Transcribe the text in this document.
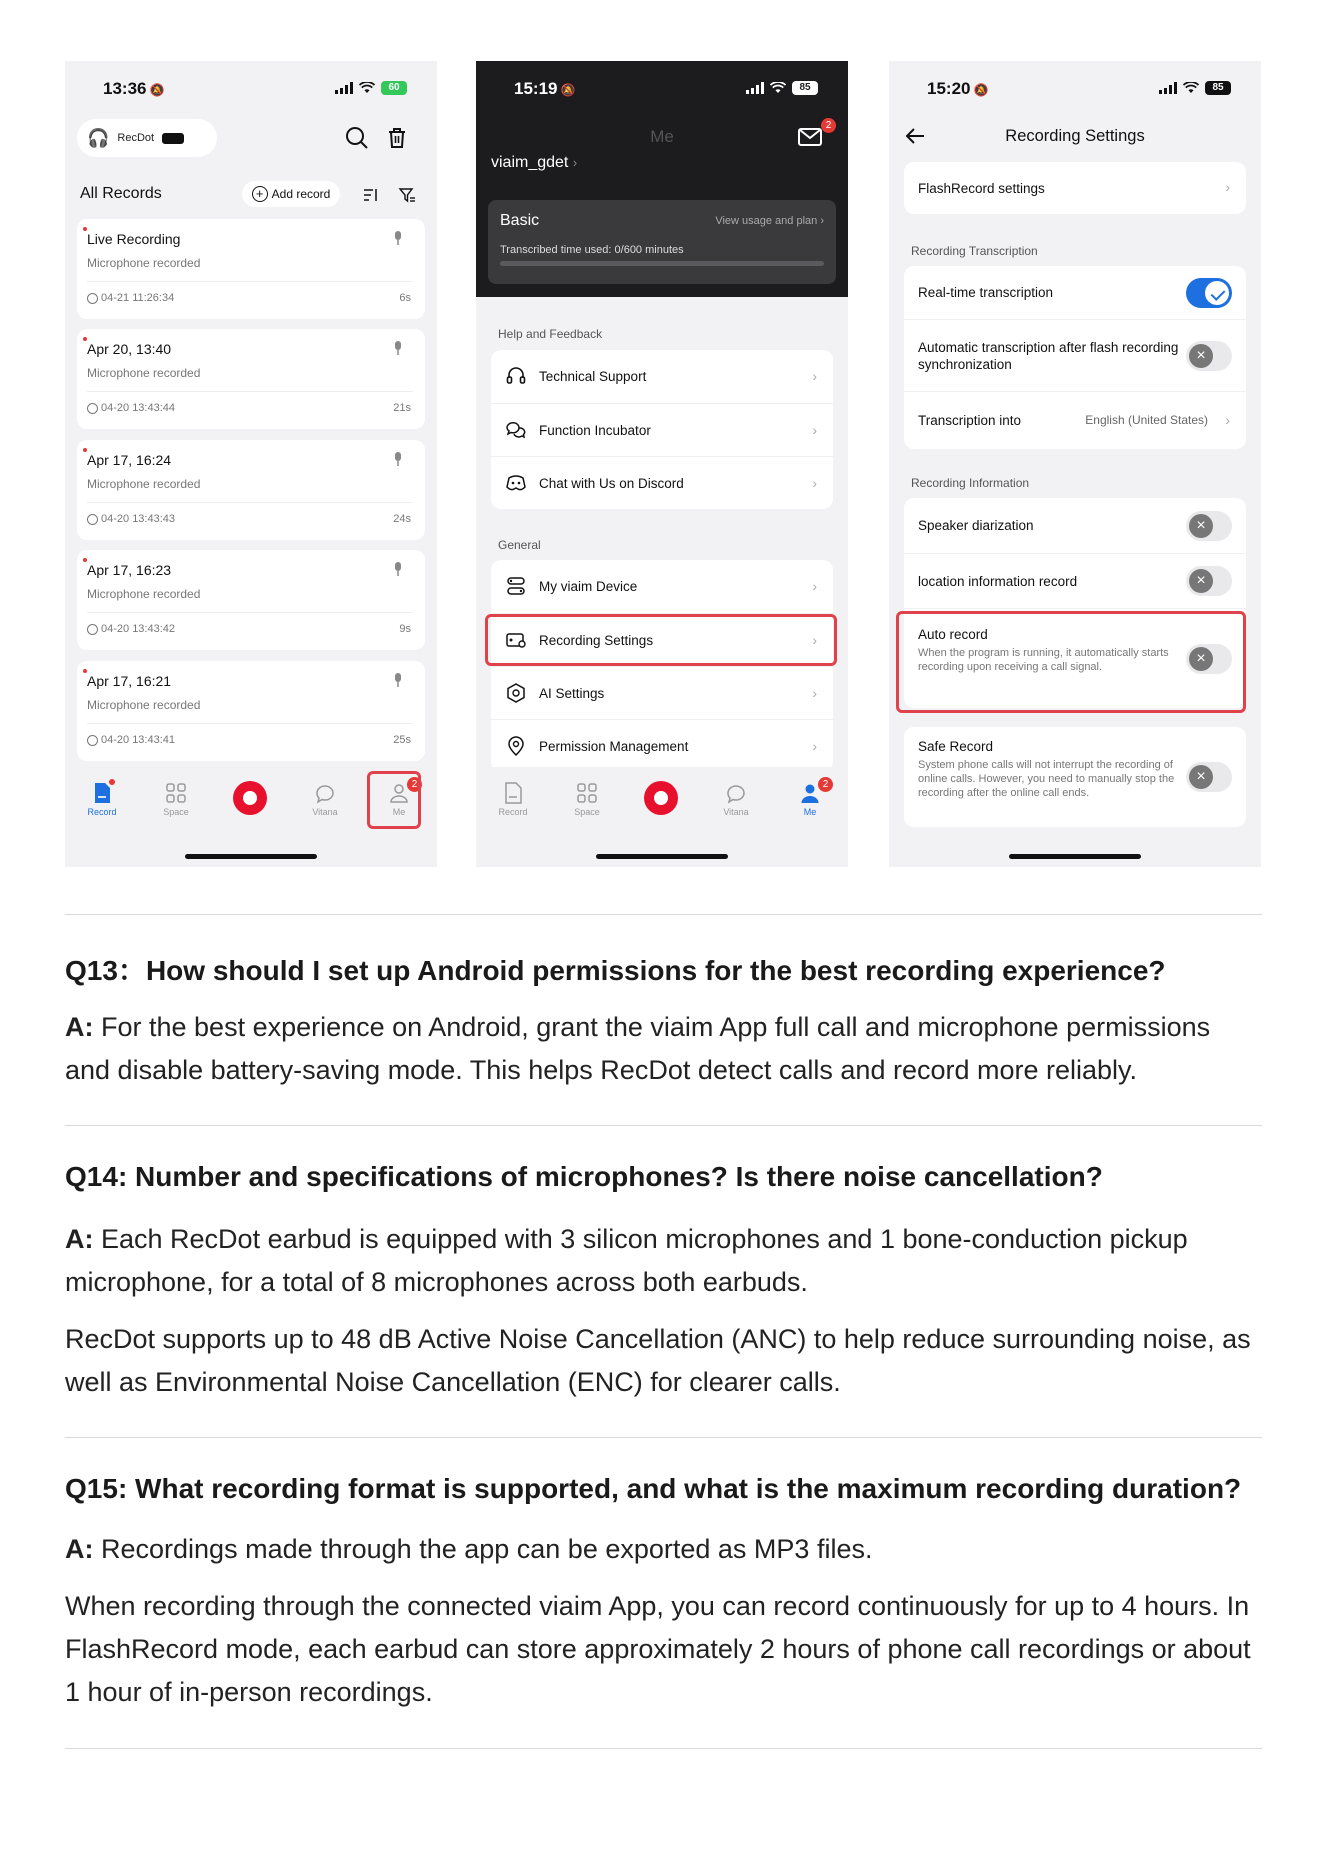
13:36 🔕	60
🎧 RecDot
All Records	+ Add record
Live Recording
Microphone recorded
04-21 11:26:34	6s
Apr 20, 13:40
Microphone recorded
04-20 13:43:44	21s
Apr 17, 16:24
Microphone recorded
04-20 13:43:43	24s
Apr 17, 16:23
Microphone recorded
04-20 13:43:42	9s
Apr 17, 16:21
Microphone recorded
04-20 13:43:41	25s
Record	Space	Vitana	Me
2
15:19 🔕	85
Me
2
viaim_gdet ›
Basic	View usage and plan ›
Transcribed time used: 0/600 minutes
Help and Feedback
Technical Support	›
Function Incubator	›
Chat with Us on Discord	›
General
My viaim Device	›
Recording Settings	›
AI Settings	›
Permission Management	›
Record	Space	Vitana	Me
2
15:20 🔕	85
Recording Settings
FlashRecord settings	›
Recording Transcription
Real-time transcription
Automatic transcription after flash recording synchronization
×
Transcription into	English (United States) ›
Recording Information
Speaker diarization
×
location information record
×
Auto record
When the program is running, it automatically starts recording upon receiving a call signal.
×
Safe Record
System phone calls will not interrupt the recording of online calls. However, you need to manually stop the recording after the online call ends.
×
Q13：How should I set up Android permissions for the best recording experience?
A: For the best experience on Android, grant the viaim App full call and microphone permissions and disable battery-saving mode. This helps RecDot detect calls and record more reliably.
Q14: Number and specifications of microphones? Is there noise cancellation?
A: Each RecDot earbud is equipped with 3 silicon microphones and 1 bone-conduction pickup microphone, for a total of 8 microphones across both earbuds.
RecDot supports up to 48 dB Active Noise Cancellation (ANC) to help reduce surrounding noise, as well as Environmental Noise Cancellation (ENC) for clearer calls.
Q15: What recording format is supported, and what is the maximum recording duration?
A: Recordings made through the app can be exported as MP3 files.
When recording through the connected viaim App, you can record continuously for up to 4 hours. In FlashRecord mode, each earbud can store approximately 2 hours of phone call recordings or about 1 hour of in-person recordings.
